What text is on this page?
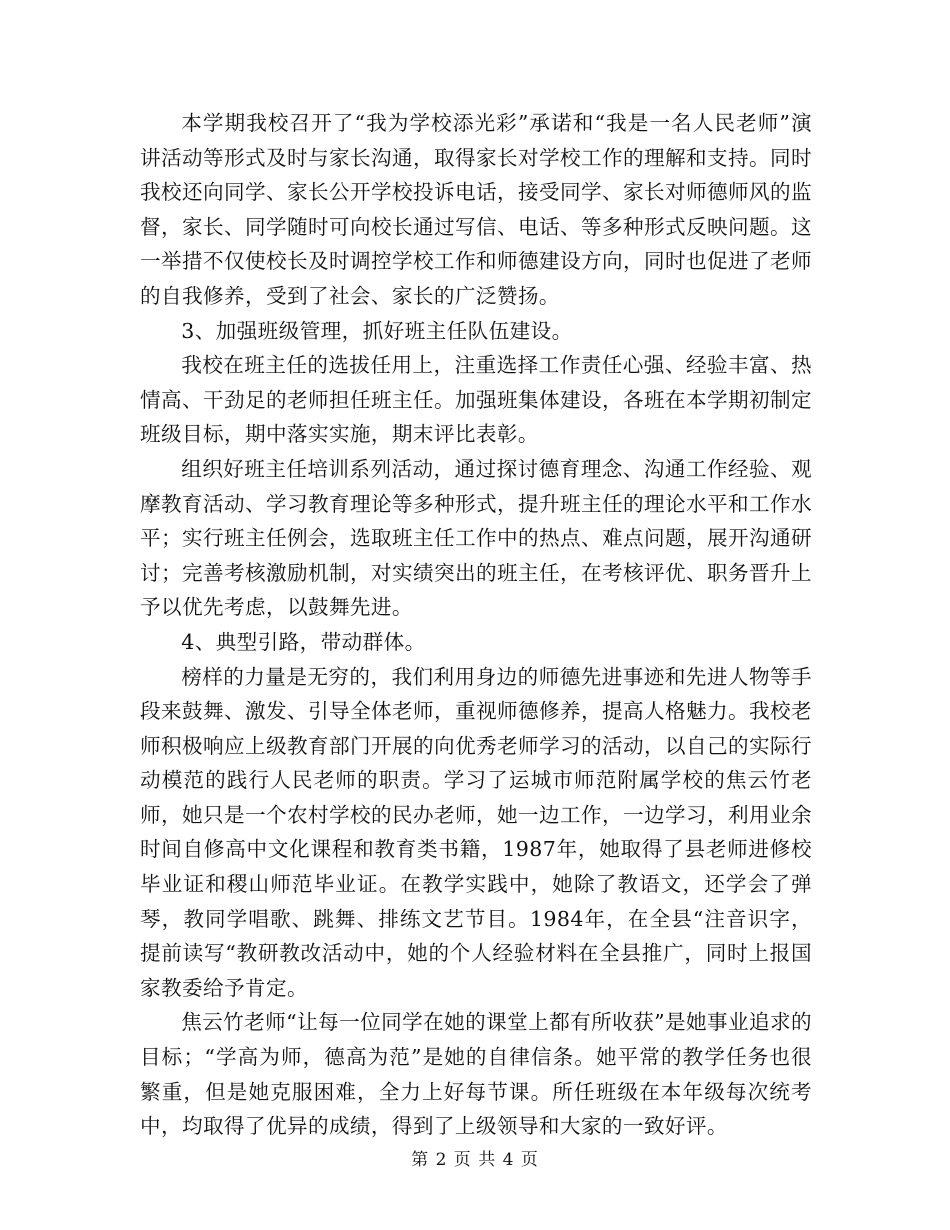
本学期我校召开了“我为学校添光彩”承诺和“我是一名人民老师”演讲活动等形式及时与家长沟通，取得家长对学校工作的理解和支持。同时我校还向同学、家长公开学校投诉电话，接受同学、家长对师德师风的监督，家长、同学随时可向校长通过写信、电话、等多种形式反映问题。这一举措不仅使校长及时调控学校工作和师德建设方向，同时也促进了老师的自我修养，受到了社会、家长的广泛赞扬。

3、加强班级管理，抓好班主任队伍建设。

我校在班主任的选拔任用上，注重选择工作责任心强、经验丰富、热情高、干劲足的老师担任班主任。加强班集体建设，各班在本学期初制定班级目标，期中落实实施，期末评比表彰。

组织好班主任培训系列活动，通过探讨德育理念、沟通工作经验、观摩教育活动、学习教育理论等多种形式，提升班主任的理论水平和工作水平；实行班主任例会，选取班主任工作中的热点、难点问题，展开沟通研讨；完善考核激励机制，对实绩突出的班主任，在考核评优、职务晋升上予以优先考虑，以鼓舞先进。

4、典型引路，带动群体。

榜样的力量是无穷的，我们利用身边的师德先进事迹和先进人物等手段来鼓舞、激发、引导全体老师，重视师德修养，提高人格魅力。我校老师积极响应上级教育部门开展的向优秀老师学习的活动，以自己的实际行动模范的践行人民老师的职责。学习了运城市师范附属学校的焦云竹老师，她只是一个农村学校的民办老师，她一边工作，一边学习，利用业余时间自修高中文化课程和教育类书籍，1987年，她取得了县老师进修校毕业证和稷山师范毕业证。在教学实践中，她除了教语文，还学会了弹琴，教同学唱歌、跳舞、排练文艺节目。1984年，在全县“注音识字，提前读写“教研教改活动中，她的个人经验材料在全县推广，同时上报国家教委给予肯定。

焦云竹老师“让每一位同学在她的课堂上都有所收获”是她事业追求的目标；“学高为师，德高为范”是她的自律信条。她平常的教学任务也很繁重，但是她克服困难，全力上好每节课。所任班级在本年级每次统考中，均取得了优异的成绩，得到了上级领导和大家的一致好评。

第 2 页 共 4 页
